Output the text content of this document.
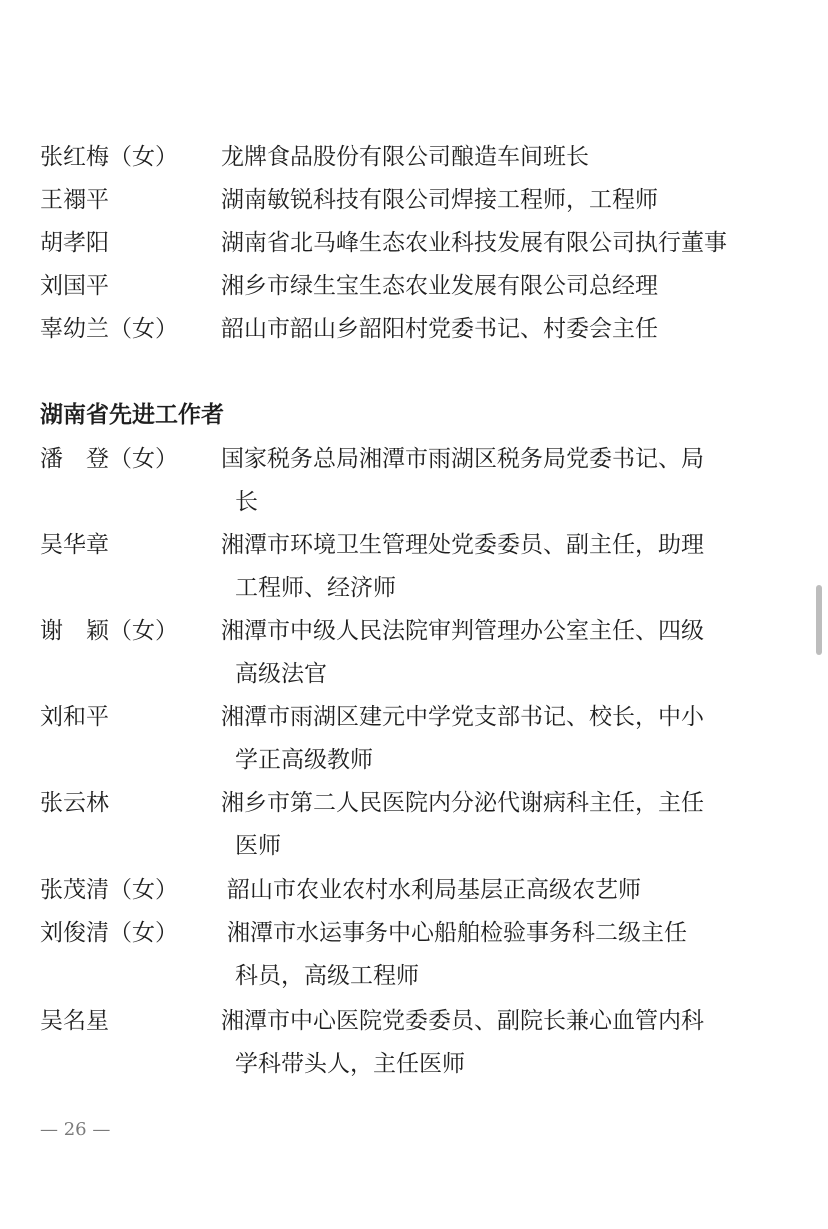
张红梅（女） 龙牌食品股份有限公司酿造车间班长
王禤平	湖南敏锐科技有限公司焊接工程师，工程师
胡孝阳	湖南省北马峰生态农业科技发展有限公司执行董事
刘国平	湘乡市绿生宝生态农业发展有限公司总经理
辜幼兰（女） 韶山市韶山乡韶阳村党委书记、村委会主任
湖南省先进工作者
潘　登（女） 国家税务总局湘潭市雨湖区税务局党委书记、局
长
吴华章	湘潭市环境卫生管理处党委委员、副主任，助理
工程师、经济师
谢　颖（女） 湘潭市中级人民法院审判管理办公室主任、四级
高级法官
刘和平	湘潭市雨湖区建元中学党支部书记、校长，中小
学正高级教师
张云林	湘乡市第二人民医院内分泌代谢病科主任，主任
医师
张茂清（女） 韶山市农业农村水利局基层正高级农艺师
刘俊清（女） 湘潭市水运事务中心船舶检验事务科二级主任
科员，高级工程师
吴名星	湘潭市中心医院党委委员、副院长兼心血管内科
学科带头人，主任医师
— 26 —
